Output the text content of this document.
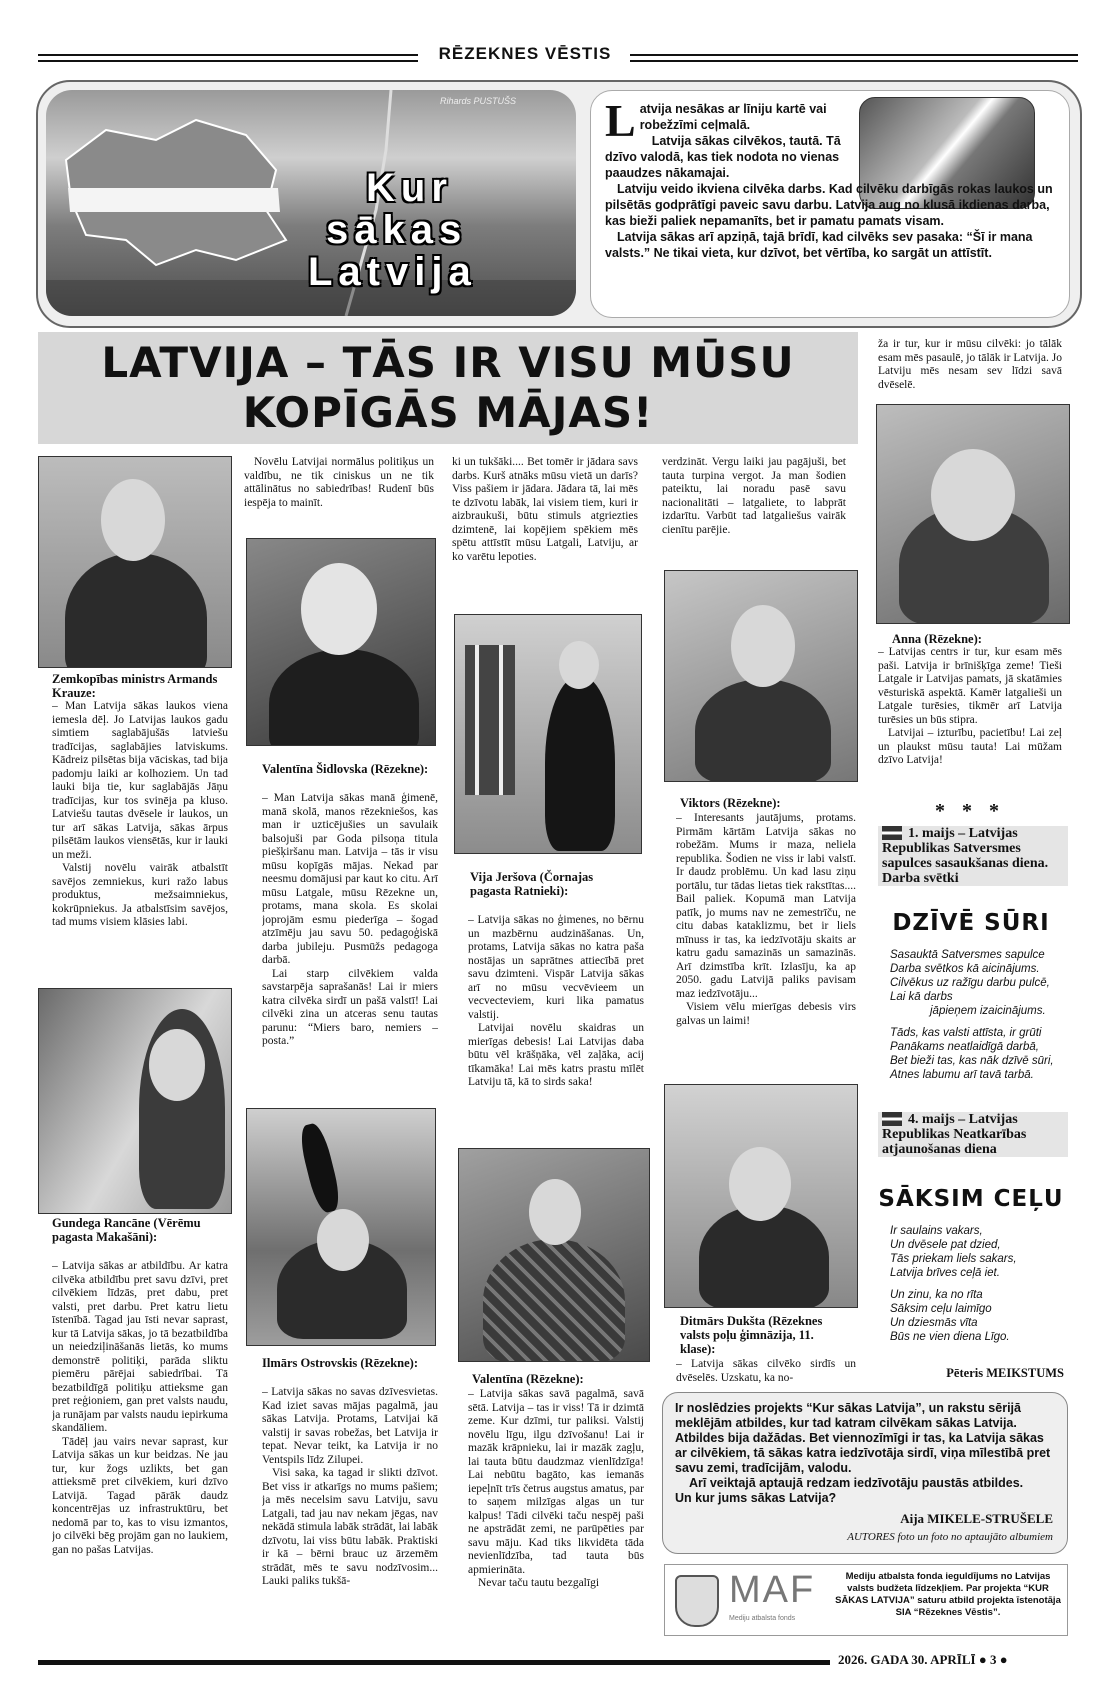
RĒZEKNES VĒSTIS
Rihards PUSTUŠS
Kur
sākas
Latvija
L atvija nesākas ar līniju kartē vai robežzīmi ceļmalā.
Latvija sākas cilvēkos, tautā. Tā dzīvo valodā, kas tiek nodota no vienas paaudzes nākamajai.
Latviju veido ikviena cilvēka darbs. Kad cilvēku darbīgās rokas laukos un pilsētās godprātīgi paveic savu darbu. Latvija aug no klusā ikdienas darba, kas bieži paliek nepamanīts, bet ir pamatu pamats visam.
Latvija sākas arī apziņā, tajā brīdī, kad cilvēks sev pasaka: “Šī ir mana valsts.” Ne tikai vieta, kur dzīvot, bet vērtība, ko sargāt un attīstīt.
LATVIJA – TĀS IR VISU MŪSU
KOPĪGĀS MĀJAS!
Zemkopības ministrs Armands Krauze:
– Man Latvija sākas laukos viena iemesla dēļ. Jo Latvijas laukos gadu simtiem saglabājušās latviešu tradīcijas, saglabājies latviskums. Kādreiz pilsētas bija vāciskas, tad bija padomju laiki ar kolhoziem. Un tad lauki bija tie, kur saglabājās Jāņu tradīcijas, kur tos svinēja pa kluso. Latviešu tautas dvēsele ir laukos, un tur arī sākas Latvija, sākas ārpus pilsētām laukos viensētās, kur ir lauki un meži.
Valstij novēlu vairāk atbalstīt savējos zemniekus, kuri ražo labus produktus, mežsaimniekus, kokrūpniekus. Ja atbalstīsim savējos, tad mums visiem klāsies labi.
Gundega Rancāne (Vērēmu pagasta Makašāni):
– Latvija sākas ar atbildību. Ar katra cilvēka atbildību pret savu dzīvi, pret cilvēkiem līdzās, pret dabu, pret valsti, pret darbu. Pret katru lietu īstenībā. Tagad jau īsti nevar saprast, kur tā Latvija sākas, jo tā bezatbildība un neiedziļināšanās lietās, ko mums demonstrē politiķi, parāda sliktu piemēru pārējai sabiedrībai. Tā bezatbildīgā politiķu attieksme gan pret reģioniem, gan pret valsts naudu, ja runājam par valsts naudu iepirkuma skandāliem.
Tādēļ jau vairs nevar saprast, kur Latvija sākas un kur beidzas. Ne jau tur, kur žogs uzlikts, bet gan attieksmē pret cilvēkiem, kuri dzīvo Latvijā. Tagad pārāk daudz koncentrējas uz infrastruktūru, bet nedomā par to, kas to visu izmantos, jo cilvēki bēg projām gan no laukiem, gan no pašas Latvijas.
Novēlu Latvijai normālus politiķus un valdību, ne tik ciniskus un ne tik attālinātus no sabiedrības! Rudenī būs iespēja to mainīt.
Valentīna Šidlovska (Rēzekne):
– Man Latvija sākas manā ģimenē, manā skolā, manos rēzekniešos, kas man ir uzticējušies un savulaik balsojuši par Goda pilsoņa titula piešķiršanu man. Latvija – tās ir visu mūsu kopīgās mājas. Nekad par neesmu domājusi par kaut ko citu. Arī mūsu Latgale, mūsu Rēzekne un, protams, mana skola. Es skolai joprojām esmu piederīga – šogad atzīmēju jau savu 50. pedagoģiskā darba jubileju. Pusmūžs pedagoga darbā.
Lai starp cilvēkiem valda savstarpēja saprašanās! Lai ir miers katra cilvēka sirdī un pašā valstī! Lai cilvēki zina un atceras senu tautas parunu: “Miers baro, nemiers – posta.”
Ilmārs Ostrovskis (Rēzekne):
– Latvija sākas no savas dzīvesvietas. Kad iziet savas mājas pagalmā, jau sākas Latvija. Protams, Latvijai kā valstij ir savas robežas, bet Latvija ir tepat. Nevar teikt, ka Latvija ir no Ventspils līdz Zilupei.
Visi saka, ka tagad ir slikti dzīvot. Bet viss ir atkarīgs no mums pašiem; ja mēs necelsim savu Latviju, savu Latgali, tad jau nav nekam jēgas, nav nekādā stimula labāk strādāt, lai labāk dzīvotu, lai viss būtu labāk. Praktiski ir kā – bērni brauc uz ārzemēm strādāt, mēs te savu nodzīvosim... Lauki paliks tukšā-
ki un tukšāki.... Bet tomēr ir jādara savs darbs. Kurš atnāks mūsu vietā un darīs? Viss pašiem ir jādara. Jādara tā, lai mēs te dzīvotu labāk, lai visiem tiem, kuri ir aizbraukuši, būtu stimuls atgriezties dzimtenē, lai kopējiem spēkiem mēs spētu attīstīt mūsu Latgali, Latviju, ar ko varētu lepoties.
Vija Jeršova (Čornajas pagasta Ratnieki):
– Latvija sākas no ģimenes, no bērnu un mazbērnu audzināšanas. Un, protams, Latvija sākas no katra paša nostājas un saprātnes attiecībā pret savu dzimteni. Vispār Latvija sākas arī no mūsu vecvēvieem un vecvecteviem, kuri lika pamatus valstij.
Latvijai novēlu skaidras un mierīgas debesis! Lai Latvijas daba būtu vēl krāšņāka, vēl zaļāka, acij tīkamāka! Lai mēs katrs prastu mīlēt Latviju tā, kā to sirds saka!
Valentīna (Rēzekne):
– Latvija sākas savā pagalmā, savā sētā. Latvija – tas ir viss! Tā ir dzimtā zeme. Kur dzīmi, tur paliksi. Valstij novēlu līgu, ilgu dzīvošanu! Lai ir mazāk krāpnieku, lai ir mazāk zagļu, lai tauta būtu daudzmaz vienlīdzīga! Lai nebūtu bagāto, kas iemanās iepeļnīt trīs četrus augstus amatus, par to saņem milzīgas algas un tur kalpus! Tādi cilvēki taču nespēj paši ne apstrādāt zemi, ne parūpēties par savu māju. Kad tiks likvidēta tāda nevienlīdzība, tad tauta būs apmierināta.
Nevar taču tautu bezgalīgi
verdzināt. Vergu laiki jau pagājuši, bet tauta turpina vergot. Ja man šodien pateiktu, lai noradu pasē savu nacionalitāti – latgaliete, to labprāt izdarītu. Varbūt tad latgaliešus vairāk cienītu parējie.
Viktors (Rēzekne):
– Interesants jautājums, protams. Pirmām kārtām Latvija sākas no robežām. Mums ir maza, neliela republika. Šodien ne viss ir labi valstī. Ir daudz problēmu. Un kad lasu ziņu portālu, tur tādas lietas tiek rakstītas.... Bail paliek. Kopumā man Latvija patīk, jo mums nav ne zemestrīču, ne citu dabas kataklizmu, bet ir liels mīnuss ir tas, ka iedzīvotāju skaits ar katru gadu samazinās un samazinās. Arī dzimstība krīt. Izlasīju, ka ap 2050. gadu Latvijā paliks pavisam maz iedzīvotāju...
Visiem vēlu mierīgas debesis virs galvas un laimi!
Ditmārs Dukšta (Rēzeknes valsts poļu ģimnāzija, 11. klase):
– Latvija sākas cilvēko sirdīs un dvēselēs. Uzskatu, ka no-
ža ir tur, kur ir mūsu cilvēki: jo tālāk esam mēs pasaulē, jo tālāk ir Latvija. Jo Latviju mēs nesam sev līdzi savā dvēselē.
Anna (Rēzekne):
– Latvijas centrs ir tur, kur esam mēs paši. Latvija ir brīnišķīga zeme! Tieši Latgale ir Latvijas pamats, jā skatāmies vēsturiskā aspektā. Kamēr latgalieši un Latgale turēsies, tikmēr arī Latvija turēsies un būs stipra.
Latvijai – izturību, pacietību! Lai zeļ un plaukst mūsu tauta! Lai mūžam dzīvo Latvija!
* * *
1. maijs – Latvijas Republikas Satversmes sapulces sasaukšanas diena. Darba svētki
DZĪVĒ SŪRI
Sasauktā Satversmes sapulce
Darba svētkos kā aicinājums.
Cilvēkus uz ražīgu darbu pulcē,
Lai kā darbs
jāpieņem izaicinājums.
Tāds, kas valsti attīsta, ir grūti
Panākams neatlaidīgā darbā,
Bet bieži tas, kas nāk dzīvē sūri,
Atnes labumu arī tavā tarbā.
4. maijs – Latvijas Republikas Neatkarības atjaunošanas diena
SĀKSIM CEĻU
Ir saulains vakars,
Un dvēsele pat dzied,
Tās priekam liels sakars,
Latvija brīves ceļā iet.
Un zinu, ka no rīta
Sāksim ceļu laimīgo
Un dziesmās vīta
Būs ne vien diena Līgo.
Pēteris MEIKSTUMS
Ir noslēdzies projekts “Kur sākas Latvija”, un rakstu sērijā meklējām atbildes, kur tad katram cilvēkam sākas Latvija. Atbildes bija dažādas. Bet viennozīmīgi ir tas, ka Latvija sākas ar cilvēkiem, tā sākas katra iedzīvotāja sirdī, viņa mīlestībā pret savu zemi, tradīcijām, valodu.
Arī veiktajā aptaujā redzam iedzīvotāju paustās atbildes.
Un kur jums sākas Latvija?
Aija MIKELE-STRUŠELE
AUTORES foto un foto no aptaujāto albumiem
MAF
Mediju atbalsta fonds
Mediju atbalsta fonda ieguldījums no Latvijas valsts budžeta līdzekļiem. Par projekta “KUR SĀKAS LATVIJA” saturu atbild projekta īstenotāja SIA “Rēzeknes Vēstis”.
2026. GADA 30. APRĪLĪ ● 3 ●
